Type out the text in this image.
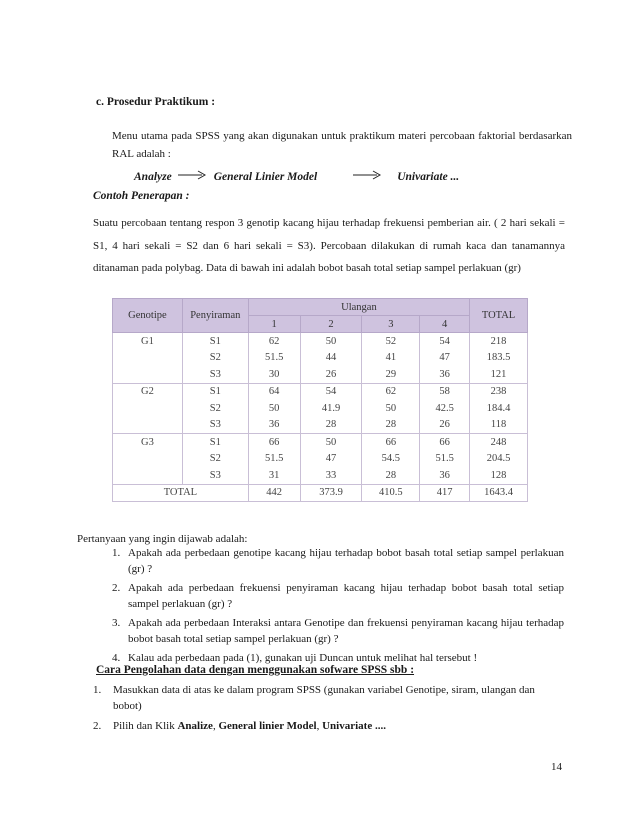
c. Prosedur Praktikum :
Menu utama pada SPSS yang akan digunakan untuk praktikum materi percobaan faktorial berdasarkan RAL adalah :
Analyze	General Linier Model	Univariate ...
Contoh Penerapan :
Suatu percobaan tentang respon 3 genotip kacang hijau terhadap frekuensi pemberian air. ( 2 hari sekali = S1, 4 hari sekali = S2 dan 6 hari sekali = S3). Percobaan dilakukan di rumah kaca dan tanamannya ditanaman pada polybag. Data di bawah ini adalah bobot basah total setiap sampel perlakuan (gr)
Genotipe	Penyiraman	Ulangan				TOTAL
		1	2	3	4	
G1	S1	62	50	52	54	218
	S2	51.5	44	41	47	183.5
	S3	30	26	29	36	121
G2	S1	64	54	62	58	238
	S2	50	41.9	50	42.5	184.4
	S3	36	28	28	26	118
G3	S1	66	50	66	66	248
	S2	51.5	47	54.5	51.5	204.5
	S3	31	33	28	36	128
TOTAL		442	373.9	410.5	417	1643.4
Pertanyaan yang ingin dijawab adalah:
1. Apakah ada perbedaan genotipe kacang hijau terhadap bobot basah total setiap sampel perlakuan (gr) ?
2. Apakah ada perbedaan frekuensi penyiraman kacang hijau terhadap bobot basah total setiap sampel perlakuan (gr) ?
3. Apakah ada perbedaan Interaksi antara Genotipe dan frekuensi penyiraman kacang hijau terhadap bobot basah total setiap sampel perlakuan (gr) ?
4. Kalau ada perbedaan pada (1), gunakan uji Duncan untuk melihat hal tersebut !
Cara Pengolahan data dengan menggunakan sofware SPSS sbb :
1.	Masukkan data di atas ke dalam program SPSS (gunakan variabel Genotipe, siram, ulangan dan bobot)
2.	Pilih dan Klik Analize, General linier Model, Univariate ....
14
